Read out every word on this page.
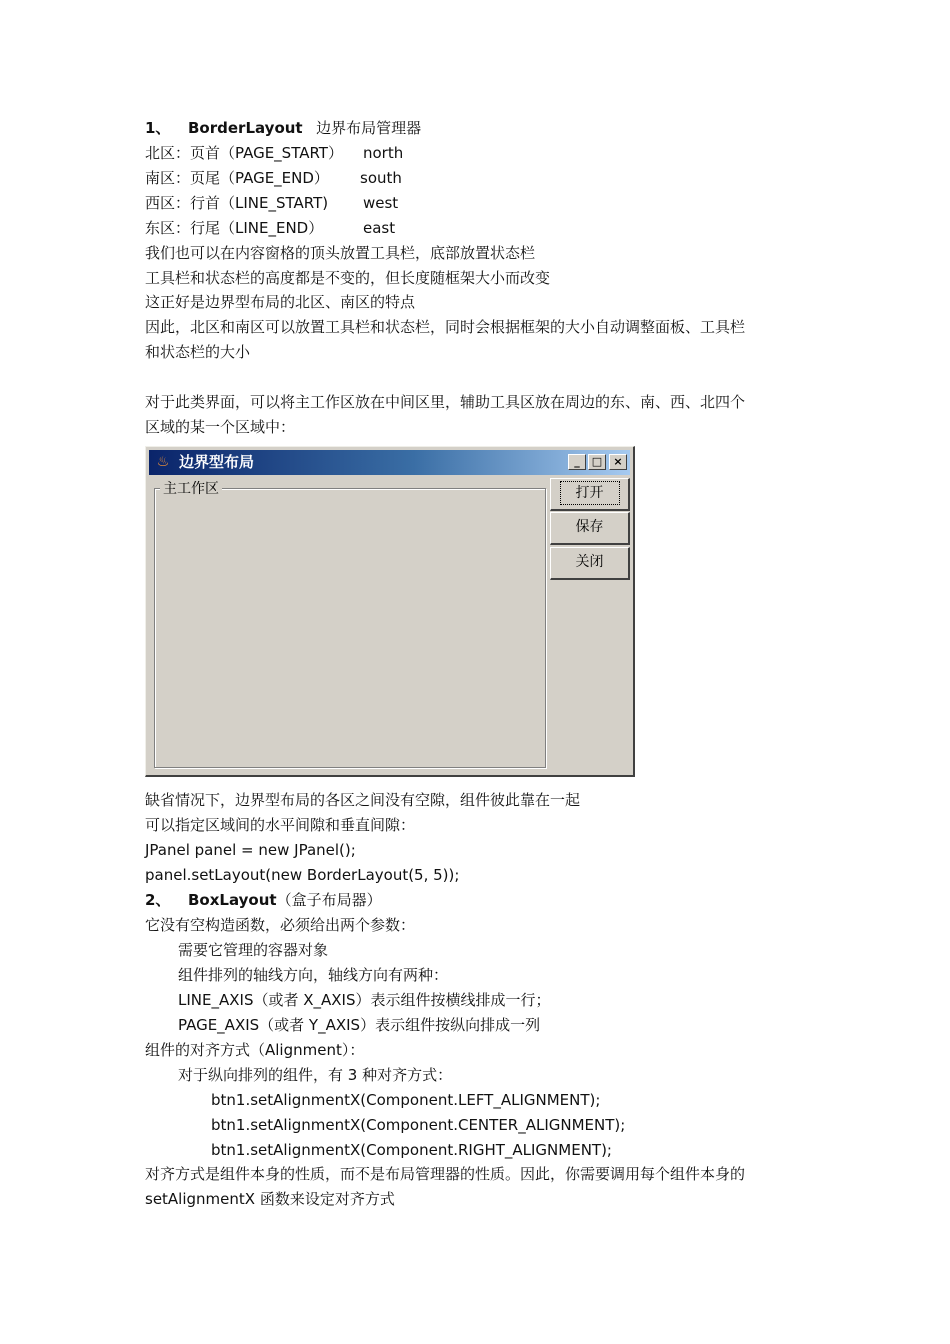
1、 BorderLayout 边界布局管理器
北区：页首（PAGE_START） north
南区：页尾（PAGE_END） south
西区：行首（LINE_START) west
东区：行尾（LINE_END）	east
我们也可以在内容窗格的顶头放置工具栏，底部放置状态栏
工具栏和状态栏的高度都是不变的，但长度随框架大小而改变
这正好是边界型布局的北区、南区的特点
因此，北区和南区可以放置工具栏和状态栏，同时会根据框架的大小自动调整面板、工具栏
和状态栏的大小
对于此类界面，可以将主工作区放在中间区里，辅助工具区放在周边的东、南、西、北四个
区域的某一个区域中：
♨ 边界型布局	_	□	×
主工作区	打开
保存
关闭
缺省情况下，边界型布局的各区之间没有空隙，组件彼此靠在一起
可以指定区域间的水平间隙和垂直间隙：
JPanel panel = new JPanel();
panel.setLayout(new BorderLayout(5, 5));
2、 BoxLayout（盒子布局器）
它没有空构造函数，必须给出两个参数：
需要它管理的容器对象
组件排列的轴线方向，轴线方向有两种：
LINE_AXIS（或者 X_AXIS）表示组件按横线排成一行；
PAGE_AXIS（或者 Y_AXIS）表示组件按纵向排成一列
组件的对齐方式（Alignment）：
对于纵向排列的组件，有 3 种对齐方式：
btn1.setAlignmentX(Component.LEFT_ALIGNMENT);
btn1.setAlignmentX(Component.CENTER_ALIGNMENT);
btn1.setAlignmentX(Component.RIGHT_ALIGNMENT);
对齐方式是组件本身的性质，而不是布局管理器的性质。因此，你需要调用每个组件本身的
setAlignmentX 函数来设定对齐方式
